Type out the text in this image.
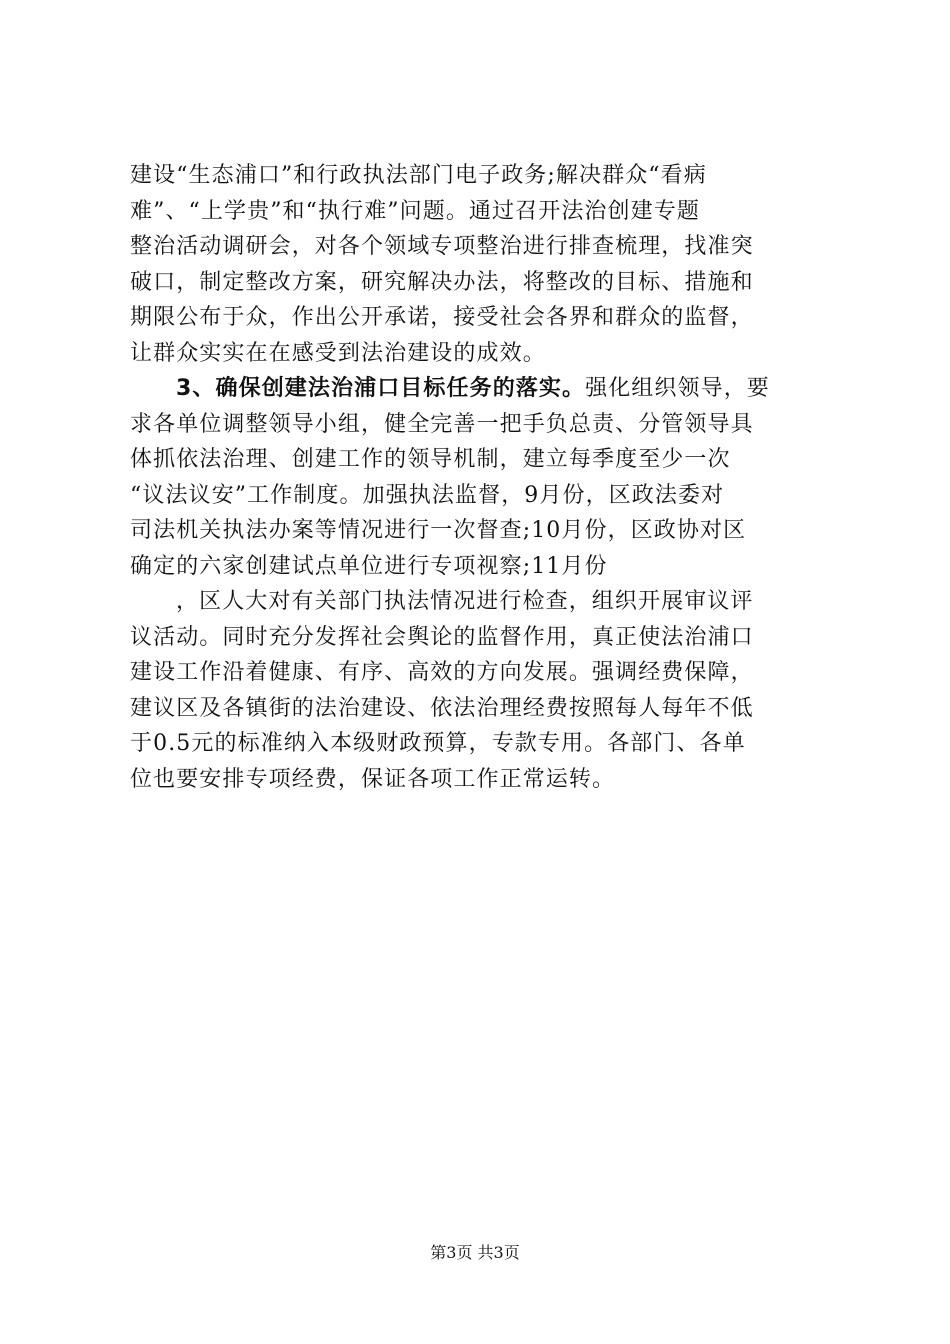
建设“生态浦口”和行政执法部门电子政务;解决群众“看病
难”、“上学贵”和“执行难”问题。通过召开法治创建专题
整治活动调研会，对各个领域专项整治进行排查梳理，找准突
破口，制定整改方案，研究解决办法，将整改的目标、措施和
期限公布于众，作出公开承诺，接受社会各界和群众的监督，
让群众实实在在感受到法治建设的成效。
3、确保创建法治浦口目标任务的落实。强化组织领导，要
求各单位调整领导小组，健全完善一把手负总责、分管领导具
体抓依法治理、创建工作的领导机制，建立每季度至少一次
“议法议安”工作制度。加强执法监督，9月份，区政法委对
司法机关执法办案等情况进行一次督查;10月份，区政协对区
确定的六家创建试点单位进行专项视察;11月份
，区人大对有关部门执法情况进行检查，组织开展审议评
议活动。同时充分发挥社会舆论的监督作用，真正使法治浦口
建设工作沿着健康、有序、高效的方向发展。强调经费保障，
建议区及各镇街的法治建设、依法治理经费按照每人每年不低
于0.5元的标准纳入本级财政预算，专款专用。各部门、各单
位也要安排专项经费，保证各项工作正常运转。
第3页 共3页
